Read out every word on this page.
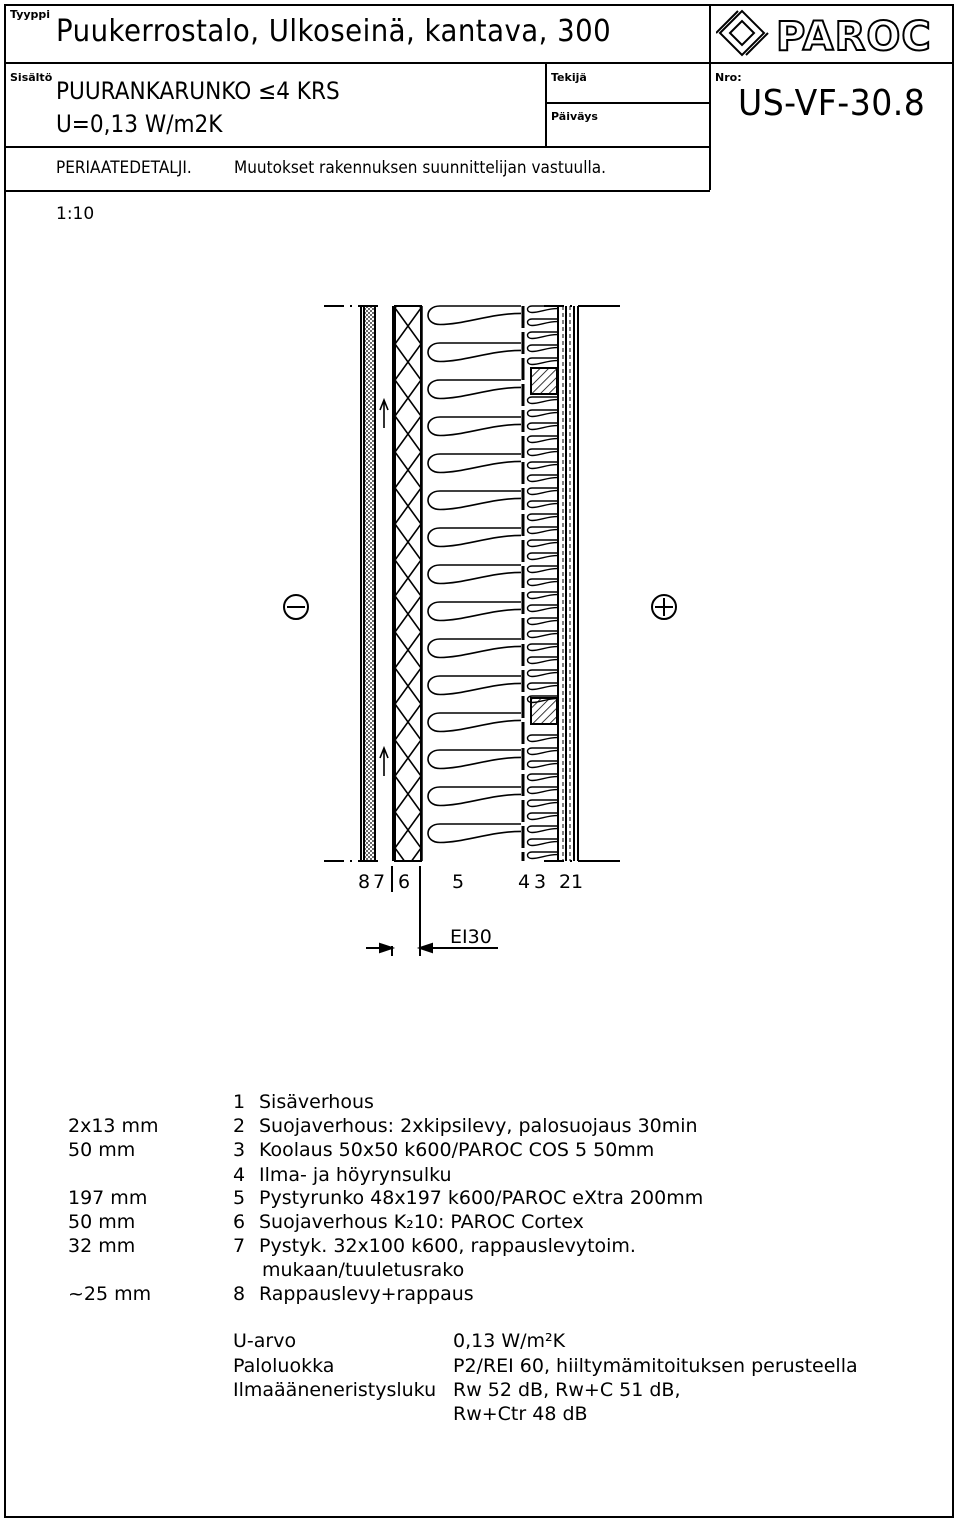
Tyyppi Puukerrostalo, Ulkoseinä, kantava, 300
Sisältö PUURANKARUNKO ≤4 KRS
U=0,13 W/m2K
Tekijä
Päiväys
Nro:
US-VF-30.8
PERIAATEDETALJI. Muutokset rakennuksen suunnittelijan vastuulla.
1:10
PAROC
8 7 6 5	4 3 2 1
EI30
1 Sisäverhous
2x13 mm	2 Suojaverhous: 2xkipsilevy, palosuojaus 30min
50 mm	3 Koolaus 50x50 k600/PAROC COS 5 50mm
4 Ilma- ja höyrynsulku
197 mm	5 Pystyrunko 48x197 k600/PAROC eXtra 200mm
50 mm	6 Suojaverhous K₂10: PAROC Cortex
32 mm	7 Pystyk. 32x100 k600, rappauslevytoim.
mukaan/tuuletusrako
~25 mm	8 Rappauslevy+rappaus
U-arvo	0,13 W/m²K
Paloluokka	P2/REI 60, hiiltymämitoituksen perusteella
Ilmaääneneristysluku Rw 52 dB, Rw+C 51 dB,
Rw+Ctr 48 dB
